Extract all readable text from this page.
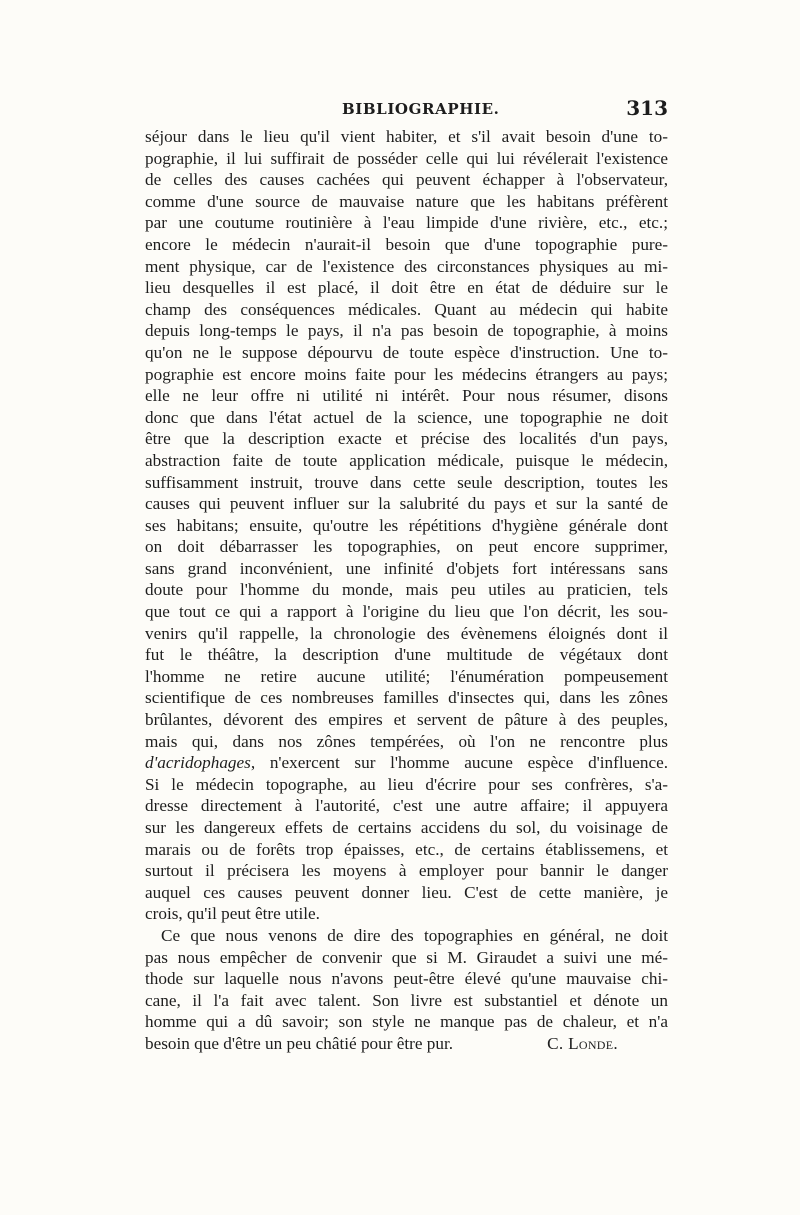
BIBLIOGRAPHIE.	313
séjour dans le lieu qu'il vient habiter, et s'il avait besoin d'une to-
pographie, il lui suffirait de posséder celle qui lui révélerait l'existence
de celles des causes cachées qui peuvent échapper à l'observateur,
comme d'une source de mauvaise nature que les habitans préfèrent
par une coutume routinière à l'eau limpide d'une rivière, etc., etc.;
encore le médecin n'aurait-il besoin que d'une topographie pure-
ment physique, car de l'existence des circonstances physiques au mi-
lieu desquelles il est placé, il doit être en état de déduire sur le
champ des conséquences médicales. Quant au médecin qui habite
depuis long-temps le pays, il n'a pas besoin de topographie, à moins
qu'on ne le suppose dépourvu de toute espèce d'instruction. Une to-
pographie est encore moins faite pour les médecins étrangers au pays;
elle ne leur offre ni utilité ni intérêt. Pour nous résumer, disons
donc que dans l'état actuel de la science, une topographie ne doit
être que la description exacte et précise des localités d'un pays,
abstraction faite de toute application médicale, puisque le médecin,
suffisamment instruit, trouve dans cette seule description, toutes les
causes qui peuvent influer sur la salubrité du pays et sur la santé de
ses habitans; ensuite, qu'outre les répétitions d'hygiène générale dont
on doit débarrasser les topographies, on peut encore supprimer,
sans grand inconvénient, une infinité d'objets fort intéressans sans
doute pour l'homme du monde, mais peu utiles au praticien, tels
que tout ce qui a rapport à l'origine du lieu que l'on décrit, les sou-
venirs qu'il rappelle, la chronologie des évènemens éloignés dont il
fut le théâtre, la description d'une multitude de végétaux dont
l'homme ne retire aucune utilité; l'énumération pompeusement
scientifique de ces nombreuses familles d'insectes qui, dans les zônes
brûlantes, dévorent des empires et servent de pâture à des peuples,
mais qui, dans nos zônes tempérées, où l'on ne rencontre plus
d'acridophages, n'exercent sur l'homme aucune espèce d'influence.
Si le médecin topographe, au lieu d'écrire pour ses confrères, s'a-
dresse directement à l'autorité, c'est une autre affaire; il appuyera
sur les dangereux effets de certains accidens du sol, du voisinage de
marais ou de forêts trop épaisses, etc., de certains établissemens, et
surtout il précisera les moyens à employer pour bannir le danger
auquel ces causes peuvent donner lieu. C'est de cette manière, je
crois, qu'il peut être utile.
Ce que nous venons de dire des topographies en général, ne doit
pas nous empêcher de convenir que si M. Giraudet a suivi une mé-
thode sur laquelle nous n'avons peut-être élevé qu'une mauvaise chi-
cane, il l'a fait avec talent. Son livre est substantiel et dénote un
homme qui a dû savoir; son style ne manque pas de chaleur, et n'a
besoin que d'être un peu châtié pour être pur.	C. Londe.
